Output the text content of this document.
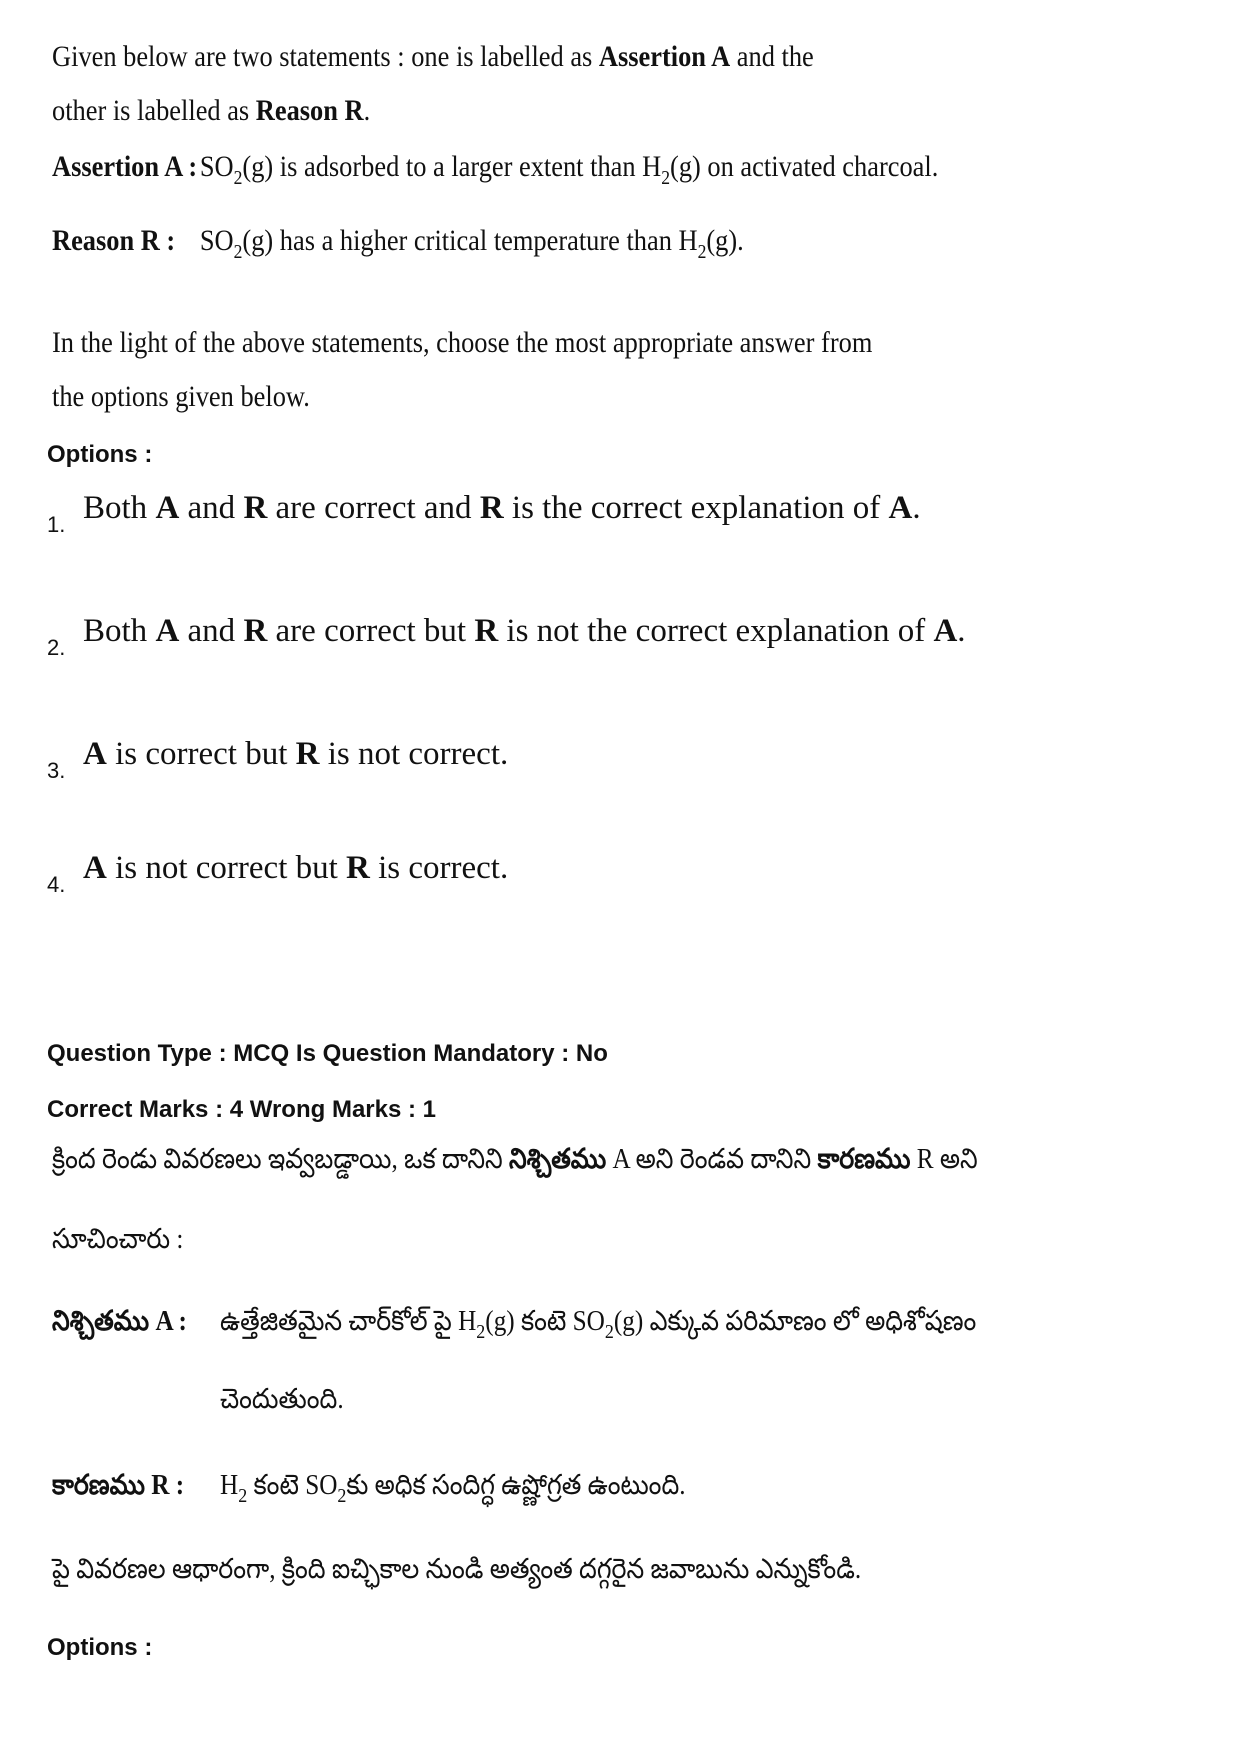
Given below are two statements : one is labelled as Assertion A and the other is labelled as Reason R.
Assertion A $:SO_2(g)$ is adsorbed to a larger extent than $H_2(g)$ on activated charcoal.
Reason R : $SO_2(g)$ has a higher critical temperature than $H_2(g)$.
In the light of the above statements, choose the most appropriate answer from the options given below.
Options :
1. Both A and R are correct and R is the correct explanation of A.
2. Both A and R are correct but R is not the correct explanation of A.
3. A is correct but R is not correct.
4. A is not correct but R is correct.
Question Type : MCQ Is Question Mandatory : No
Correct Marks : 4 Wrong Marks : 1
క్రింద రెండు వివరణలు ఇవ్వబడ్డాయి, ఒక దానిని నిశ్చితము A అని రెండవ దానిని కారణము R అని
సూచించారు :
నిశ్చితము A : ఉత్తేజితమైన చార్‌కోల్ పై $H_2(g)$ కంటె $SO_2(g)$ ఎక్కువ పరిమాణం లో అధిశోషణం
చెందుతుంది.
కారణము R : $H_2$ కంటె $SO_2కు$ అధిక సందిగ్ధ ఉష్ణోగ్రత ఉంటుంది.
పై వివరణల ఆధారంగా, క్రింది ఐచ్ఛికాల నుండి అత్యంత దగ్గరైన జవాబును ఎన్నుకోండి.
Options :
